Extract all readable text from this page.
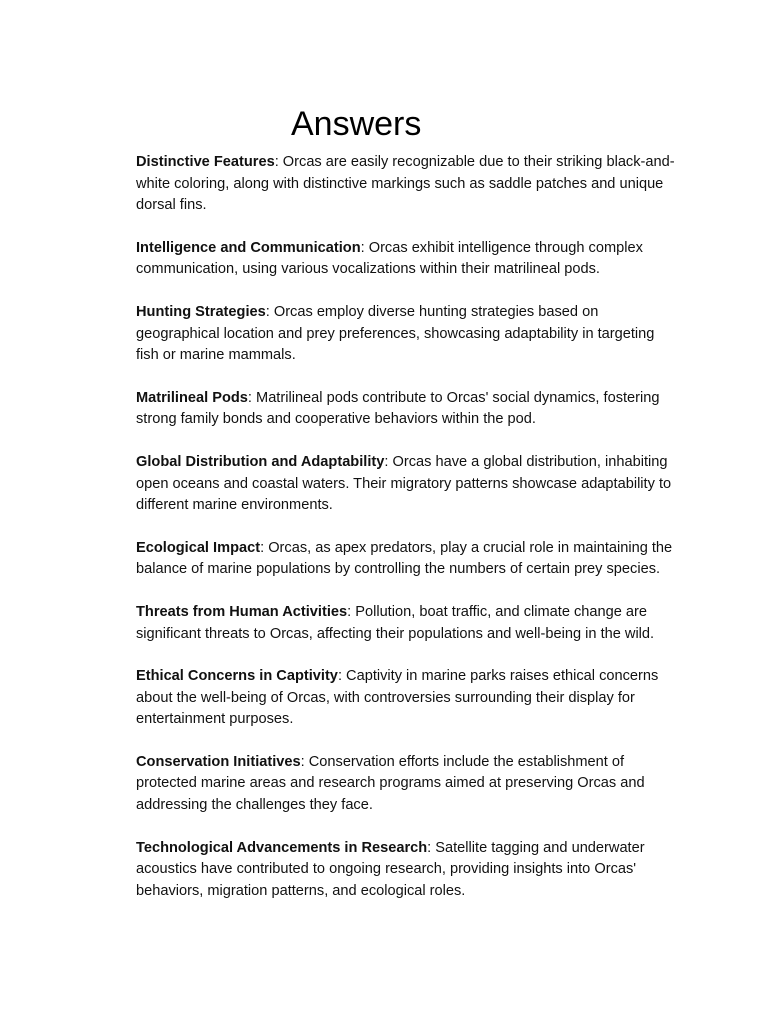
Answers

Distinctive Features: Orcas are easily recognizable due to their striking black-and-white coloring, along with distinctive markings such as saddle patches and unique dorsal fins.

Intelligence and Communication: Orcas exhibit intelligence through complex communication, using various vocalizations within their matrilineal pods.

Hunting Strategies: Orcas employ diverse hunting strategies based on geographical location and prey preferences, showcasing adaptability in targeting fish or marine mammals.

Matrilineal Pods: Matrilineal pods contribute to Orcas' social dynamics, fostering strong family bonds and cooperative behaviors within the pod.

Global Distribution and Adaptability: Orcas have a global distribution, inhabiting open oceans and coastal waters. Their migratory patterns showcase adaptability to different marine environments.

Ecological Impact: Orcas, as apex predators, play a crucial role in maintaining the balance of marine populations by controlling the numbers of certain prey species.

Threats from Human Activities: Pollution, boat traffic, and climate change are significant threats to Orcas, affecting their populations and well-being in the wild.

Ethical Concerns in Captivity: Captivity in marine parks raises ethical concerns about the well-being of Orcas, with controversies surrounding their display for entertainment purposes.

Conservation Initiatives: Conservation efforts include the establishment of protected marine areas and research programs aimed at preserving Orcas and addressing the challenges they face.

Technological Advancements in Research: Satellite tagging and underwater acoustics have contributed to ongoing research, providing insights into Orcas' behaviors, migration patterns, and ecological roles.
